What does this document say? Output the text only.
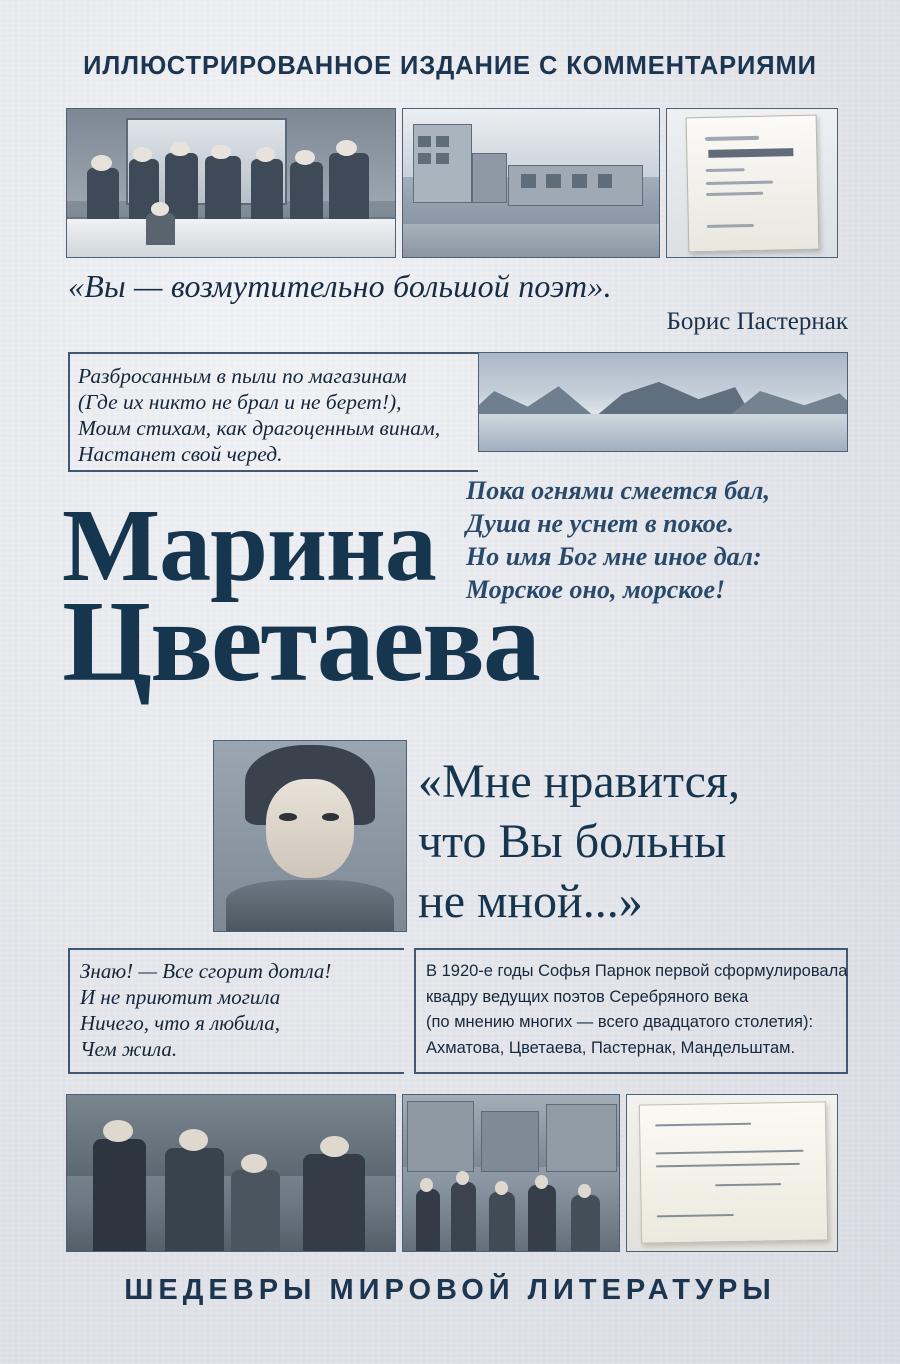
ИЛЛЮСТРИРОВАННОЕ ИЗДАНИЕ С КОММЕНТАРИЯМИ
«Вы — возмутительно большой поэт».
Борис Пастернак
Разбросанным в пыли по магазинам
(Где их никто не брал и не берет!),
Моим стихам, как драгоценным винам,
Настанет свой черед.
Пока огнями смеется бал,
Душа не уснет в покое.
Но имя Бог мне иное дал:
Морское оно, морское!
Марина
Цветаева
«Мне нравится,
что Вы больны
не мной...»
Знаю! — Все сгорит дотла!
И не приютит могила
Ничего, что я любила,
Чем жила.
В 1920-е годы Софья Парнок первой сформулировала
квадру ведущих поэтов Серебряного века
(по мнению многих — всего двадцатого столетия):
Ахматова, Цветаева, Пастернак, Мандельштам.
ШЕДЕВРЫ МИРОВОЙ ЛИТЕРАТУРЫ
